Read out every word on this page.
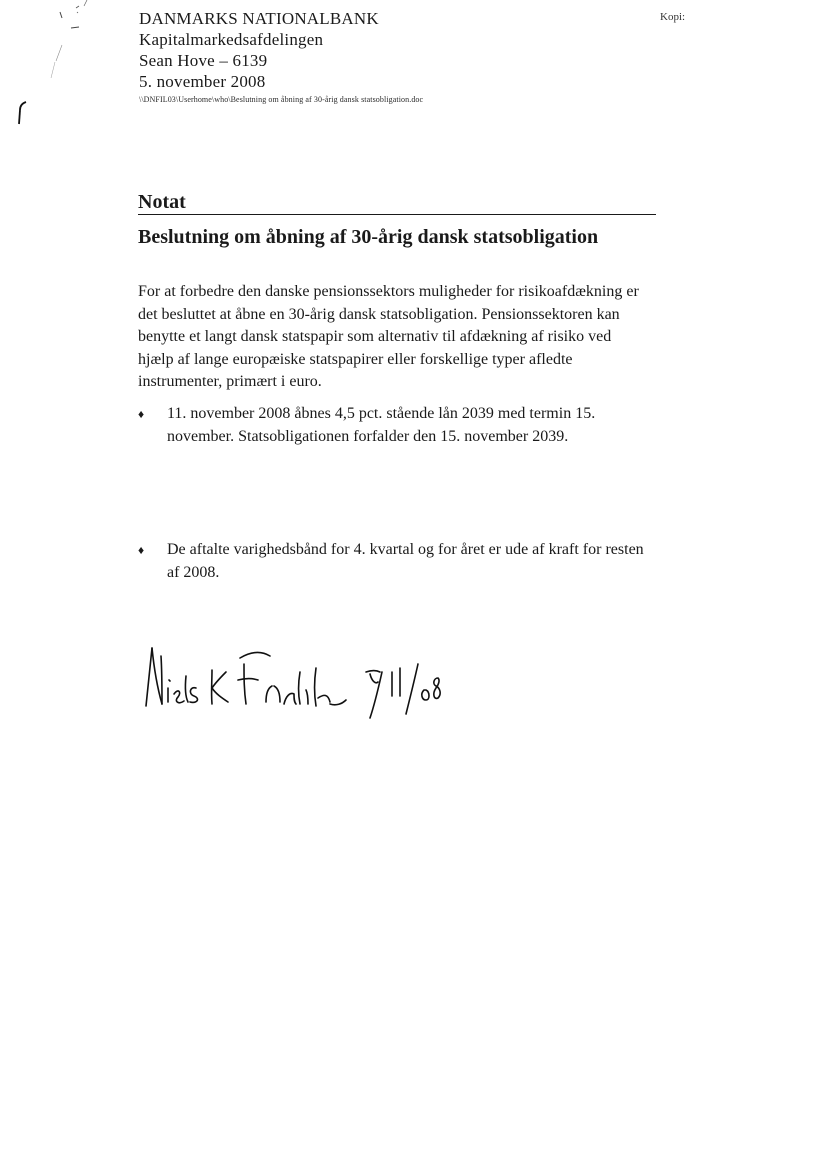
DANMARKS NATIONALBANK
Kapitalmarkedsafdelingen
Sean Hove – 6139
5. november 2008
\\DNFIL03\Userhome\who\Beslutning om åbning af 30-årig dansk statsobligation.doc
Kopi:
Notat
Beslutning om åbning af 30-årig dansk statsobligation
For at forbedre den danske pensionssektors muligheder for risikoafdækning er det besluttet at åbne en 30-årig dansk statsobligation. Pensionssektoren kan benytte et langt dansk statspapir som alternativ til afdækning af risiko ved hjælp af lange europæiske statspapirer eller forskellige typer afledte instrumenter, primært i euro.
♦ 11. november 2008 åbnes 4,5 pct. stående lån 2039 med termin 15. november. Statsobligationen forfalder den 15. november 2039.
♦ De aftalte varighedsbånd for 4. kvartal og for året er ude af kraft for resten af 2008.
